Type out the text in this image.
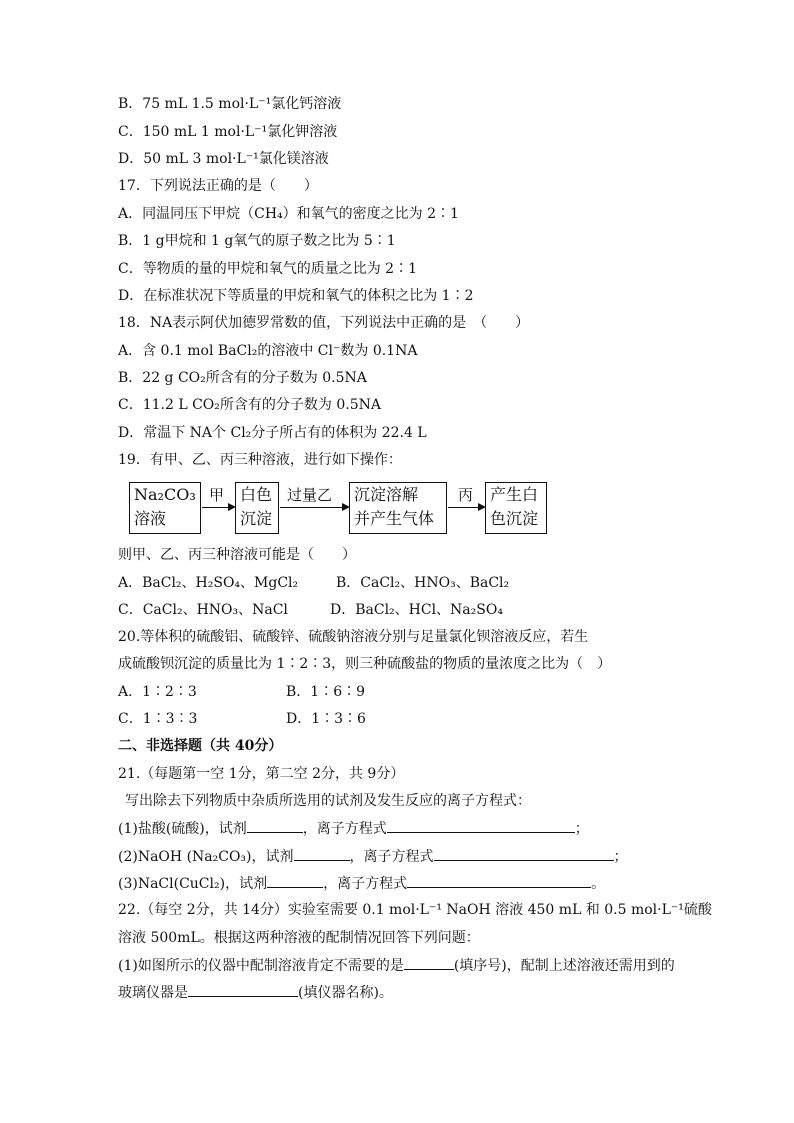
B．75 mL 1.5 mol·L⁻¹氯化钙溶液
C．150 mL 1 mol·L⁻¹氯化钾溶液
D．50 mL 3 mol·L⁻¹氯化镁溶液
17．下列说法正确的是（　　）
A．同温同压下甲烷（CH₄）和氧气的密度之比为 2∶1
B．1 g甲烷和 1 g氧气的原子数之比为 5∶1
C．等物质的量的甲烷和氧气的质量之比为 2∶1
D．在标准状况下等质量的甲烷和氧气的体积之比为 1∶2
18．NA表示阿伏加德罗常数的值，下列说法中正确的是　（　　）
A．含 0.1 mol BaCl₂的溶液中 Cl⁻数为 0.1NA
B．22 g CO₂所含有的分子数为 0.5NA
C．11.2 L CO₂所含有的分子数为 0.5NA
D．常温下 NA个 Cl₂分子所占有的体积为 22.4 L
19．有甲、乙、丙三种溶液，进行如下操作：
Na₂CO₃
溶液
甲 白色
沉淀
过量乙 沉淀溶解
并产生气体
丙 产生白
色沉淀
则甲、乙、丙三种溶液可能是（　　）
A．BaCl₂、H₂SO₄、MgCl₂	B．CaCl₂、HNO₃、BaCl₂
C．CaCl₂、HNO₃、NaCl	D．BaCl₂、HCl、Na₂SO₄
20.等体积的硫酸铝、硫酸锌、硫酸钠溶液分别与足量氯化钡溶液反应，若生
成硫酸钡沉淀的质量比为 1∶2∶3，则三种硫酸盐的物质的量浓度之比为（　）
A．1∶2∶3	B．1∶6∶9
C．1∶3∶3	D．1∶3∶6
二、非选择题（共 40分）
21.（每题第一空 1分，第二空 2分，共 9分）
写出除去下列物质中杂质所选用的试剂及发生反应的离子方程式：
(1)盐酸(硫酸)，试剂	，离子方程式	；
(2)NaOH (Na₂CO₃)，试剂	，离子方程式	；
(3)NaCl(CuCl₂)，试剂	，离子方程式	。
22.（每空 2分，共 14分）实验室需要 0.1 mol·L⁻¹ NaOH 溶液 450 mL 和 0.5 mol·L⁻¹硫酸
溶液 500mL。根据这两种溶液的配制情况回答下列问题：
(1)如图所示的仪器中配制溶液肯定不需要的是	(填序号)，配制上述溶液还需用到的
玻璃仪器是	(填仪器名称)。
